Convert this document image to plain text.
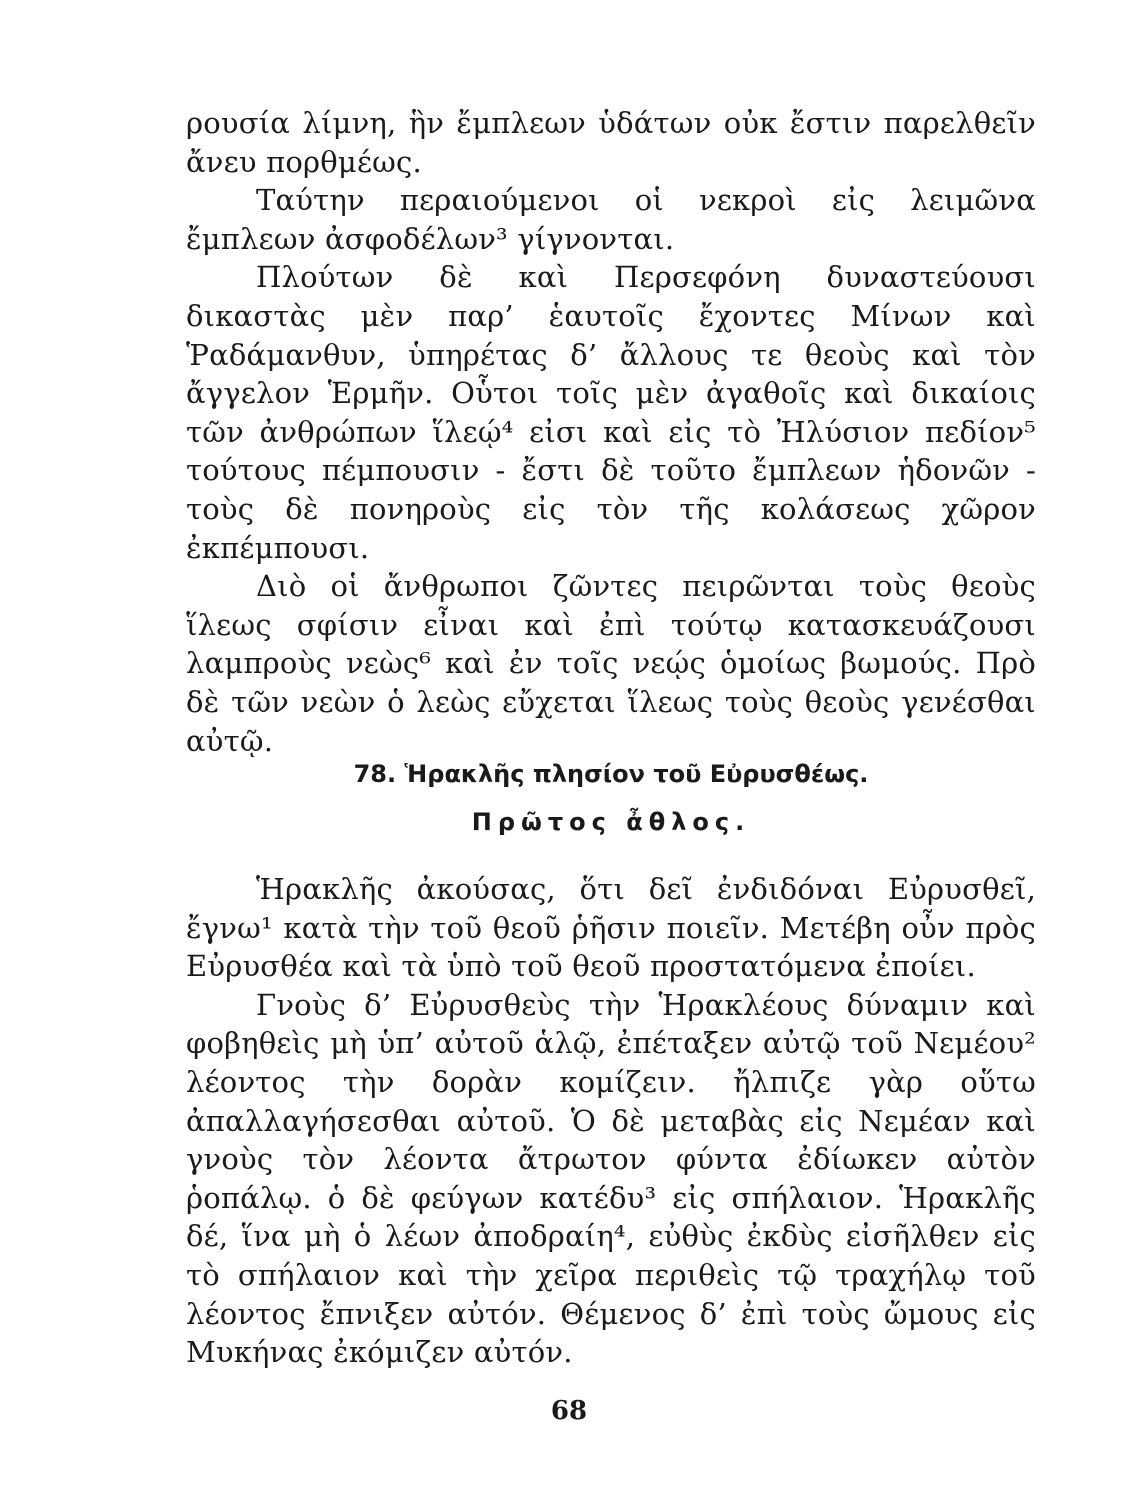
ρουσία λίμνη, ἣν ἔμπλεων ὑδάτων οὐκ ἔστιν παρελθεῖν ἄνευ πορθμέως.

Ταύτην περαιούμενοι οἱ νεκροὶ εἰς λειμῶνα ἔμπλεων ἀσφοδέλων³ γίγνονται.

Πλούτων δὲ καὶ Περσεφόνη δυναστεύουσι δικαστὰς μὲν παρ’ ἑαυτοῖς ἔχοντες Μίνων καὶ Ῥαδάμανθυν, ὑπηρέτας δ’ ἄλλους τε θεοὺς καὶ τὸν ἄγγελον Ἑρμῆν. Οὗτοι τοῖς μὲν ἀγαθοῖς καὶ δικαίοις τῶν ἀνθρώπων ἵλεῴ⁴ εἰσι καὶ εἰς τὸ Ἠλύσιον πεδίον⁵ τούτους πέμπουσιν - ἔστι δὲ τοῦτο ἔμπλεων ἡδονῶν - τοὺς δὲ πονηροὺς εἰς τὸν τῆς κολάσεως χῶρον ἐκπέμπουσι.

Διὸ οἱ ἄνθρωποι ζῶντες πειρῶνται τοὺς θεοὺς ἵλεως σφίσιν εἶναι καὶ ἐπὶ τούτῳ κατασκευάζουσι λαμπροὺς νεὼς⁶ καὶ ἐν τοῖς νεῴς ὁμοίως βωμούς. Πρὸ δὲ τῶν νεὼν ὁ λεὼς εὔχεται ἵλεως τοὺς θεοὺς γενέσθαι αὐτῷ.

78. Ἡρακλῆς πλησίον τοῦ Εὐρυσθέως.
Πρῶτος ἆθλος.

Ἡρακλῆς ἀκούσας, ὅτι δεῖ ἐνδιδόναι Εὐρυσθεῖ, ἔγνω¹ κατὰ τὴν τοῦ θεοῦ ῥῆσιν ποιεῖν. Μετέβη οὖν πρὸς Εὐρυσθέα καὶ τὰ ὑπὸ τοῦ θεοῦ προστατόμενα ἐποίει.

Γνοὺς δ’ Εὐρυσθεὺς τὴν Ἡρακλέους δύναμιν καὶ φοβηθεὶς μὴ ὑπ’ αὐτοῦ ἁλῷ, ἐπέταξεν αὐτῷ τοῦ Νεμέου² λέοντος τὴν δορὰν κομίζειν. ἤλπιζε γὰρ οὕτω ἀπαλλαγήσεσθαι αὐτοῦ. Ὁ δὲ μεταβὰς εἰς Νεμέαν καὶ γνοὺς τὸν λέοντα ἄτρωτον φύντα ἐδίωκεν αὐτὸν ῥοπάλῳ. ὁ δὲ φεύγων κατέδυ³ εἰς σπήλαιον. Ἡρακλῆς δέ, ἵνα μὴ ὁ λέων ἀποδραίη⁴, εὐθὺς ἐκδὺς εἰσῆλθεν εἰς τὸ σπήλαιον καὶ τὴν χεῖρα περιθεὶς τῷ τραχήλῳ τοῦ λέοντος ἔπνιξεν αὐτόν. Θέμενος δ’ ἐπὶ τοὺς ὤμους εἰς Μυκήνας ἐκόμιζεν αὐτόν.

68
